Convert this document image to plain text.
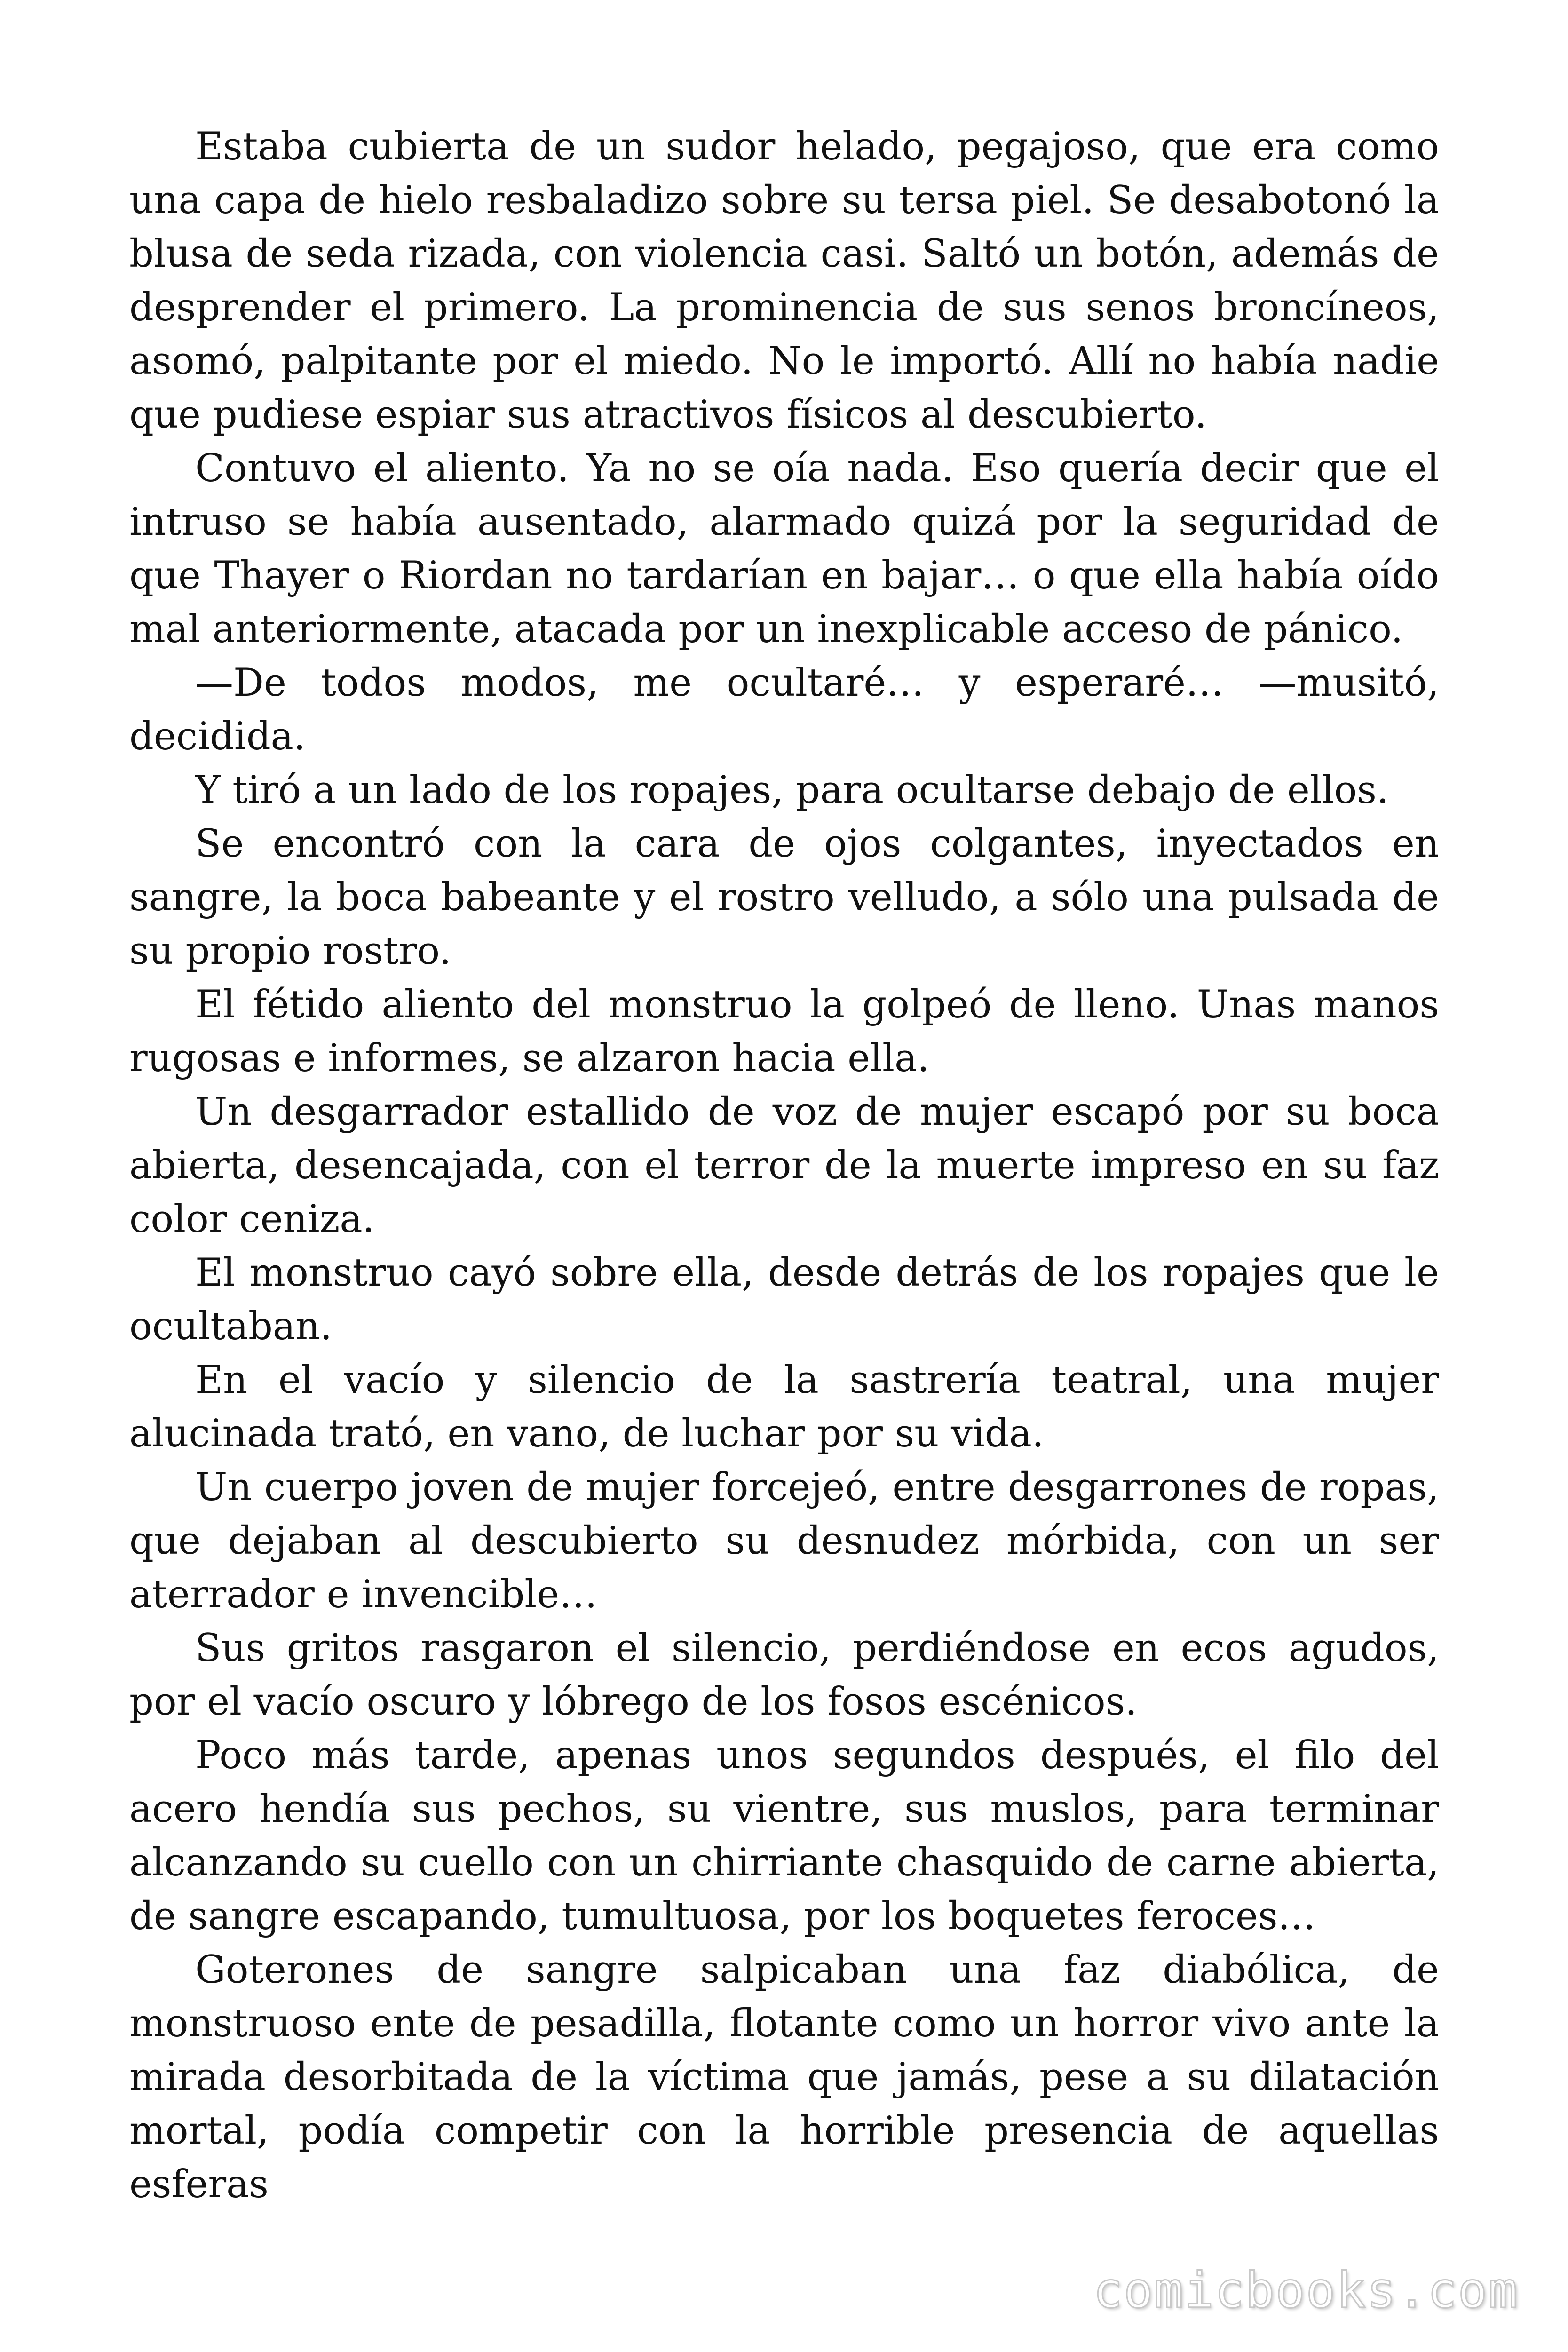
Estaba cubierta de un sudor helado, pegajoso, que era como una capa de hielo resbaladizo sobre su tersa piel. Se desabotonó la blusa de seda rizada, con violencia casi. Saltó un botón, además de desprender el primero. La prominencia de sus senos broncíneos, asomó, palpitante por el miedo. No le importó. Allí no había nadie que pudiese espiar sus atractivos físicos al descubierto.

Contuvo el aliento. Ya no se oía nada. Eso quería decir que el intruso se había ausentado, alarmado quizá por la seguridad de que Thayer o Riordan no tardarían en bajar… o que ella había oído mal anteriormente, atacada por un inexplicable acceso de pánico.

—De todos modos, me ocultaré… y esperaré… —musitó, decidida.

Y tiró a un lado de los ropajes, para ocultarse debajo de ellos.

Se encontró con la cara de ojos colgantes, inyectados en sangre, la boca babeante y el rostro velludo, a sólo una pulsada de su propio rostro.

El fétido aliento del monstruo la golpeó de lleno. Unas manos rugosas e informes, se alzaron hacia ella.

Un desgarrador estallido de voz de mujer escapó por su boca abierta, desencajada, con el terror de la muerte impreso en su faz color ceniza.

El monstruo cayó sobre ella, desde detrás de los ropajes que le ocultaban.

En el vacío y silencio de la sastrería teatral, una mujer alucinada trató, en vano, de luchar por su vida.

Un cuerpo joven de mujer forcejeó, entre desgarrones de ropas, que dejaban al descubierto su desnudez mórbida, con un ser aterrador e invencible…

Sus gritos rasgaron el silencio, perdiéndose en ecos agudos, por el vacío oscuro y lóbrego de los fosos escénicos.

Poco más tarde, apenas unos segundos después, el filo del acero hendía sus pechos, su vientre, sus muslos, para terminar alcanzando su cuello con un chirriante chasquido de carne abierta, de sangre escapando, tumultuosa, por los boquetes feroces…

Goterones de sangre salpicaban una faz diabólica, de monstruoso ente de pesadilla, flotante como un horror vivo ante la mirada desorbitada de la víctima que jamás, pese a su dilatación mortal, podía competir con la horrible presencia de aquellas esferas

comicbooks.com
